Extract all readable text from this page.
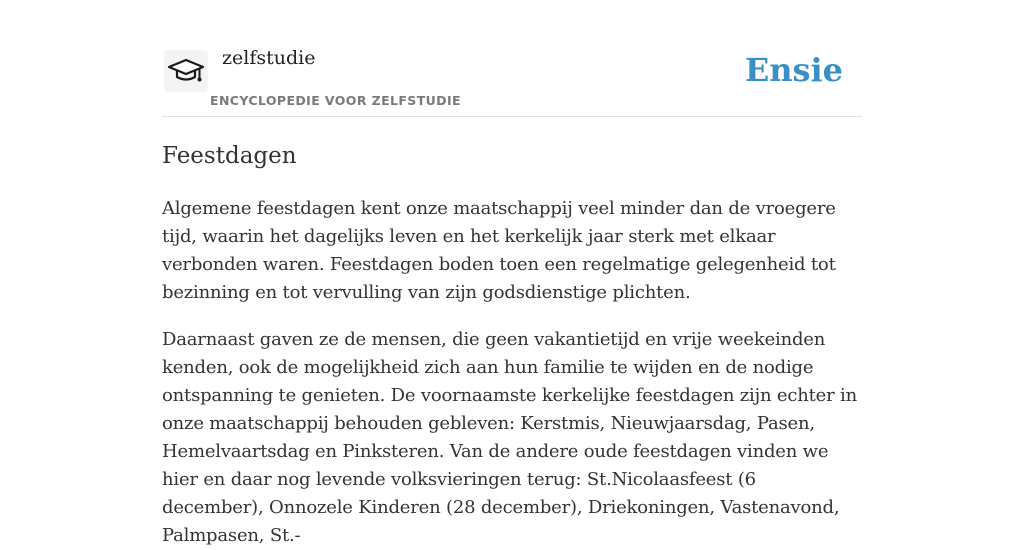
zelfstudie
ENCYCLOPEDIE VOOR ZELFSTUDIE
Ensie
Feestdagen

Algemene feestdagen kent onze maatschappij veel minder dan de vroegere tijd, waarin het dagelijks leven en het kerkelijk jaar sterk met elkaar verbonden waren. Feestdagen boden toen een regelmatige gelegenheid tot bezinning en tot vervulling van zijn godsdienstige plichten.

Daarnaast gaven ze de mensen, die geen vakantietijd en vrije weekeinden kenden, ook de mogelijkheid zich aan hun familie te wijden en de nodige ontspanning te genieten. De voornaamste kerkelijke feestdagen zijn echter in onze maatschappij behouden gebleven: Kerstmis, Nieuwjaarsdag, Pasen, Hemelvaartsdag en Pinksteren. Van de andere oude feestdagen vinden we hier en daar nog levende volksvieringen terug: St.Nicolaasfeest (6 december), Onnozele Kinderen (28 december), Driekoningen, Vastenavond, Palmpasen, St.-
